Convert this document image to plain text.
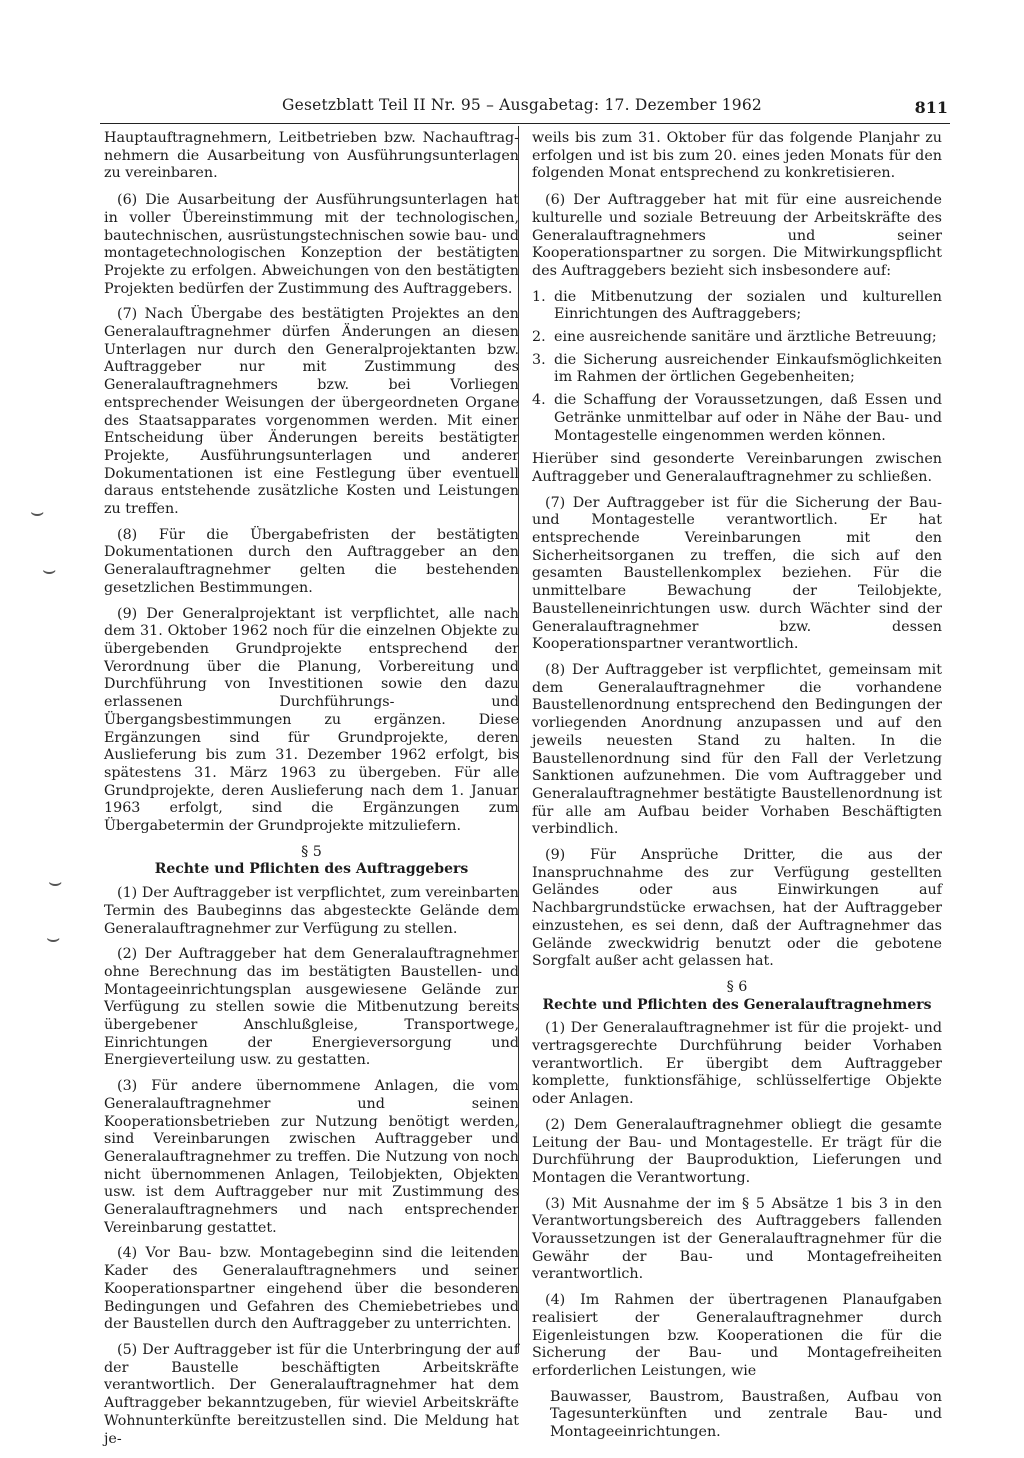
Gesetzblatt Teil II Nr. 95 – Ausgabetag: 17. Dezember 1962	811
⌣
⌣
⌣
⌣

Hauptauftragnehmern, Leitbetrieben bzw. Nachauftrag-nehmern die Ausarbeitung von Ausführungsunterlagen zu vereinbaren.

(6) Die Ausarbeitung der Ausführungsunterlagen hat in voller Übereinstimmung mit der technologischen, bautechnischen, ausrüstungstechnischen sowie bau- und montagetechnologischen Konzeption der bestätigten Projekte zu erfolgen. Abweichungen von den bestätigten Projekten bedürfen der Zustimmung des Auftraggebers.

(7) Nach Übergabe des bestätigten Projektes an den Generalauftragnehmer dürfen Änderungen an diesen Unterlagen nur durch den Generalprojektanten bzw. Auftraggeber nur mit Zustimmung des Generalauftragnehmers bzw. bei Vorliegen entsprechender Weisungen der übergeordneten Organe des Staatsapparates vorgenommen werden. Mit einer Entscheidung über Änderungen bereits bestätigter Projekte, Ausführungsunterlagen und anderer Dokumentationen ist eine Festlegung über eventuell daraus entstehende zusätzliche Kosten und Leistungen zu treffen.

(8) Für die Übergabefristen der bestätigten Dokumentationen durch den Auftraggeber an den Generalauftragnehmer gelten die bestehenden gesetzlichen Bestimmungen.

(9) Der Generalprojektant ist verpflichtet, alle nach dem 31. Oktober 1962 noch für die einzelnen Objekte zu übergebenden Grundprojekte entsprechend der Verordnung über die Planung, Vorbereitung und Durchführung von Investitionen sowie den dazu erlassenen Durchführungs- und Übergangsbestimmungen zu ergänzen. Diese Ergänzungen sind für Grundprojekte, deren Auslieferung bis zum 31. Dezember 1962 erfolgt, bis spätestens 31. März 1963 zu übergeben. Für alle Grundprojekte, deren Auslieferung nach dem 1. Januar 1963 erfolgt, sind die Ergänzungen zum Übergabetermin der Grundprojekte mitzuliefern.

§ 5
Rechte und Pflichten des Auftraggebers

(1) Der Auftraggeber ist verpflichtet, zum vereinbarten Termin des Baubeginns das abgesteckte Gelände dem Generalauftragnehmer zur Verfügung zu stellen.

(2) Der Auftraggeber hat dem Generalauftragnehmer ohne Berechnung das im bestätigten Baustellen- und Montageeinrichtungsplan ausgewiesene Gelände zur Verfügung zu stellen sowie die Mitbenutzung bereits übergebener Anschlußgleise, Transportwege, Einrichtungen der Energieversorgung und Energieverteilung usw. zu gestatten.

(3) Für andere übernommene Anlagen, die vom Generalauftragnehmer und seinen Kooperationsbetrieben zur Nutzung benötigt werden, sind Vereinbarungen zwischen Auftraggeber und Generalauftragnehmer zu treffen. Die Nutzung von noch nicht übernommenen Anlagen, Teilobjekten, Objekten usw. ist dem Auftraggeber nur mit Zustimmung des Generalauftragnehmers und nach entsprechender Vereinbarung gestattet.

(4) Vor Bau- bzw. Montagebeginn sind die leitenden Kader des Generalauftragnehmers und seiner Kooperationspartner eingehend über die besonderen Bedingungen und Gefahren des Chemiebetriebes und der Baustellen durch den Auftraggeber zu unterrichten.

(5) Der Auftraggeber ist für die Unterbringung der auf der Baustelle beschäftigten Arbeitskräfte verantwortlich. Der Generalauftragnehmer hat dem Auftraggeber bekanntzugeben, für wieviel Arbeitskräfte Wohnunterkünfte bereitzustellen sind. Die Meldung hat je-

weils bis zum 31. Oktober für das folgende Planjahr zu erfolgen und ist bis zum 20. eines jeden Monats für den folgenden Monat entsprechend zu konkretisieren.

(6) Der Auftraggeber hat mit für eine ausreichende kulturelle und soziale Betreuung der Arbeitskräfte des Generalauftragnehmers und seiner Kooperationspartner zu sorgen. Die Mitwirkungspflicht des Auftraggebers bezieht sich insbesondere auf:

1. die Mitbenutzung der sozialen und kulturellen Einrichtungen des Auftraggebers;
2. eine ausreichende sanitäre und ärztliche Betreuung;
3. die Sicherung ausreichender Einkaufsmöglichkeiten im Rahmen der örtlichen Gegebenheiten;
4. die Schaffung der Voraussetzungen, daß Essen und Getränke unmittelbar auf oder in Nähe der Bau- und Montagestelle eingenommen werden können.

Hierüber sind gesonderte Vereinbarungen zwischen Auftraggeber und Generalauftragnehmer zu schließen.

(7) Der Auftraggeber ist für die Sicherung der Bau- und Montagestelle verantwortlich. Er hat entsprechende Vereinbarungen mit den Sicherheitsorganen zu treffen, die sich auf den gesamten Baustellenkomplex beziehen. Für die unmittelbare Bewachung der Teilobjekte, Baustelleneinrichtungen usw. durch Wächter sind der Generalauftragnehmer bzw. dessen Kooperationspartner verantwortlich.

(8) Der Auftraggeber ist verpflichtet, gemeinsam mit dem Generalauftragnehmer die vorhandene Baustellenordnung entsprechend den Bedingungen der vorliegenden Anordnung anzupassen und auf den jeweils neuesten Stand zu halten. In die Baustellenordnung sind für den Fall der Verletzung Sanktionen aufzunehmen. Die vom Auftraggeber und Generalauftragnehmer bestätigte Baustellenordnung ist für alle am Aufbau beider Vorhaben Beschäftigten verbindlich.

(9) Für Ansprüche Dritter, die aus der Inanspruchnahme des zur Verfügung gestellten Geländes oder aus Einwirkungen auf Nachbargrundstücke erwachsen, hat der Auftraggeber einzustehen, es sei denn, daß der Auftragnehmer das Gelände zweckwidrig benutzt oder die gebotene Sorgfalt außer acht gelassen hat.

§ 6
Rechte und Pflichten des Generalauftragnehmers

(1) Der Generalauftragnehmer ist für die projekt- und vertragsgerechte Durchführung beider Vorhaben verantwortlich. Er übergibt dem Auftraggeber komplette, funktionsfähige, schlüsselfertige Objekte oder Anlagen.

(2) Dem Generalauftragnehmer obliegt die gesamte Leitung der Bau- und Montagestelle. Er trägt für die Durchführung der Bauproduktion, Lieferungen und Montagen die Verantwortung.

(3) Mit Ausnahme der im § 5 Absätze 1 bis 3 in den Verantwortungsbereich des Auftraggebers fallenden Voraussetzungen ist der Generalauftragnehmer für die Gewähr der Bau- und Montagefreiheiten verantwortlich.

(4) Im Rahmen der übertragenen Planaufgaben realisiert der Generalauftragnehmer durch Eigenleistungen bzw. Kooperationen die für die Sicherung der Bau- und Montagefreiheiten erforderlichen Leistungen, wie

Bauwasser, Baustrom, Baustraßen, Aufbau von Tagesunterkünften und zentrale Bau- und Montageeinrichtungen.
